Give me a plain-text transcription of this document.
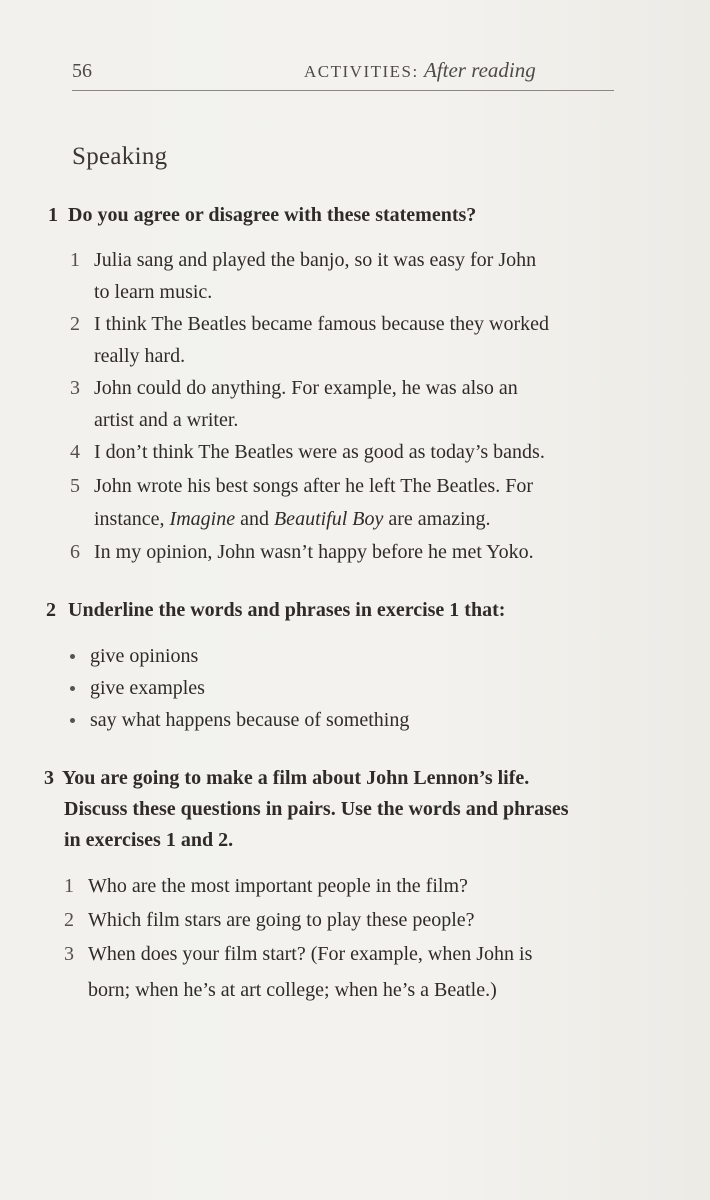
56	ACTIVITIES: After reading
Speaking
1 Do you agree or disagree with these statements?
1 Julia sang and played the banjo, so it was easy for John
to learn music.
2 I think The Beatles became famous because they worked
really hard.
3 John could do anything. For example, he was also an
artist and a writer.
4 I don’t think The Beatles were as good as today’s bands.
5 John wrote his best songs after he left The Beatles. For
instance, Imagine and Beautiful Boy are amazing.
6 In my opinion, John wasn’t happy before he met Yoko.
2 Underline the words and phrases in exercise 1 that:
give opinions
give examples
say what happens because of something
3 You are going to make a film about John Lennon’s life.
Discuss these questions in pairs. Use the words and phrases
in exercises 1 and 2.
1 Who are the most important people in the film?
2 Which film stars are going to play these people?
3 When does your film start? (For example, when John is
born; when he’s at art college; when he’s a Beatle.)
